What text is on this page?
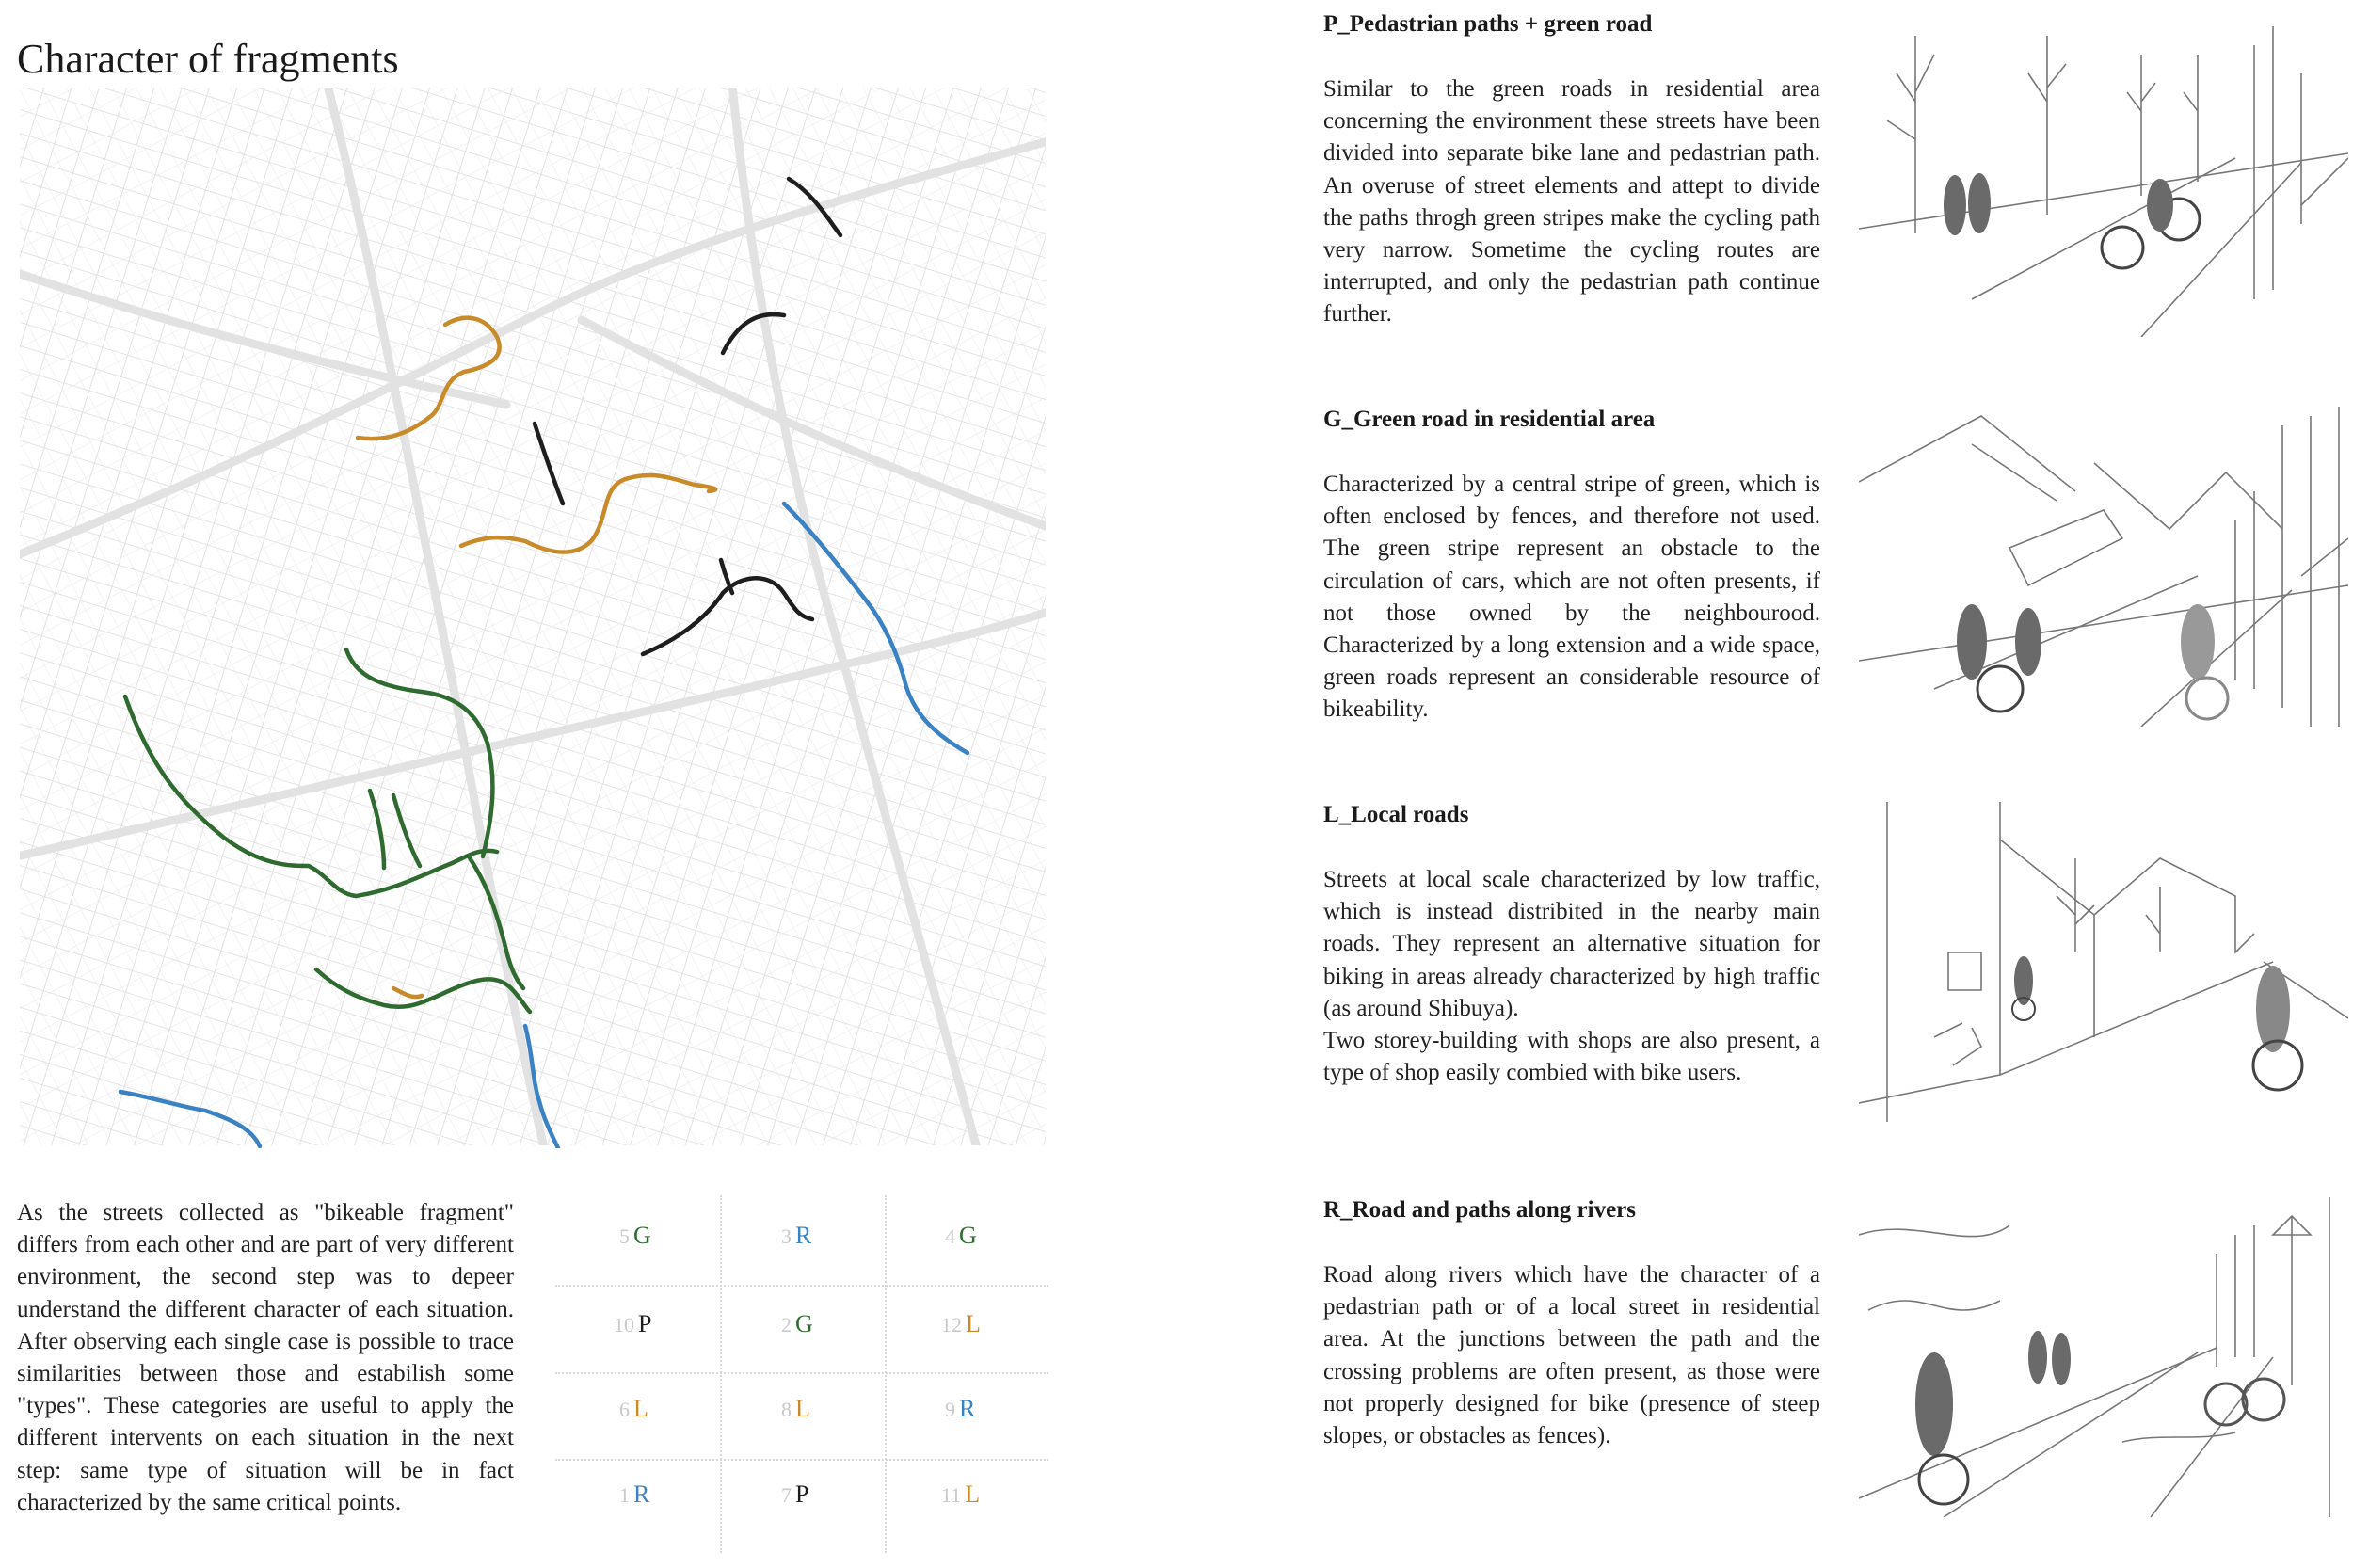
Character of fragments

As the streets collected as "bikeable fragment" differs from each other and are part of very different environment, the second step was to depeer understand the different character of each situation. After observing each single case is possible to trace similarities between those and estabilish some "types". These categories are useful to apply the different intervents on each situation in the next step: same type of situation will be in fact characterized by the same critical points.

5 G	3 R	4 G
10 P	2 G	12 L
6 L	8 L	9 R
1 R	7 P	11 L
P_Pedastrian paths + green road

Similar to the green roads in residential area concerning the environment these streets have been divided into separate bike lane and pedastrian path. An overuse of street elements and attept to divide the paths throgh green stripes make the cycling path very narrow. Sometime the cycling routes are interrupted, and only the pedastrian path continue further.

G_Green road in residential area

Characterized by a central stripe of green, which is often enclosed by fences, and therefore not used. The green stripe represent an obstacle to the circulation of cars, which are not often presents, if not those owned by the neighbourood. Characterized by a long extension and a wide space, green roads represent an considerable resource of bikeability.

L_Local roads

Streets at local scale characterized by low traffic, which is instead distribited in the nearby main roads. They represent an alternative situation for biking in areas already characterized by high traffic (as around Shibuya).
Two storey-building with shops are also present, a type of shop easily combied with bike users.

R_Road and paths along rivers

Road along rivers which have the character of a pedastrian path or of a local street in residential area. At the junctions between the path and the crossing problems are often present, as those were not properly designed for bike (presence of steep slopes, or obstacles as fences).
